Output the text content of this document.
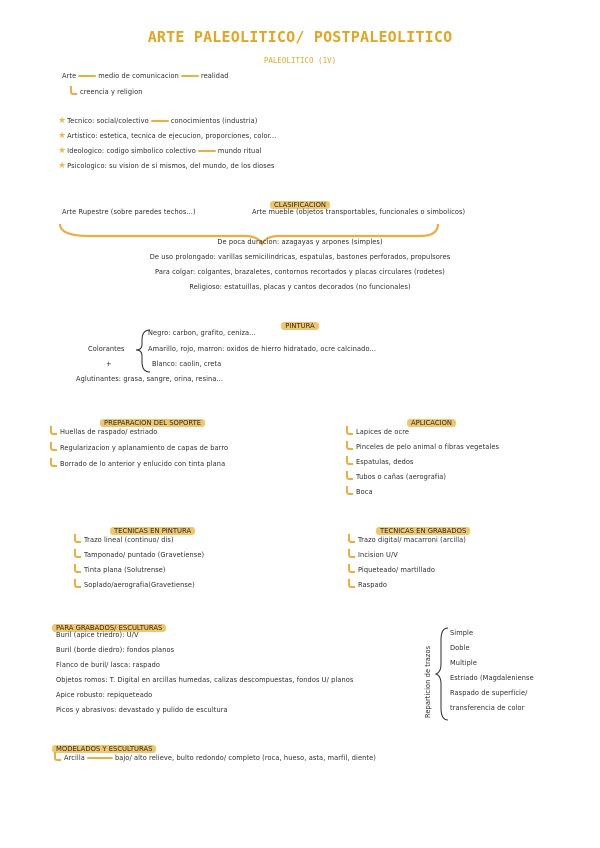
ARTE PALEOLITICO/ POSTPALEOLITICO
PALEOLITICO (1V)
Arte	medio de comunicacion	realidad
creencia y religion
★Tecnico: social/colectivo	conocimientos (industria)
★Artistico: estetica, tecnica de ejecucion, proporciones, color...
★Ideologico: codigo simbolico colectivo	mundo ritual
★Psicologico: su vision de si mismos, del mundo, de los dioses
CLASIFICACION
Arte Rupestre (sobre paredes techos...)	Arte mueble (objetos transportables, funcionales o simbolicos)
De poca duracion: azagayas y arpones (simples)
De uso prolongado: varillas semicilindricas, espatulas, bastones perforados, propulsores
Para colgar: colgantes, brazaletes, contornos recortados y placas circulares (rodetes)
Religioso: estatuillas, placas y cantos decorados (no funcionales)
PINTURA
Colorantes
+
Negro: carbon, grafito, ceniza...
Amarillo, rojo, marron: oxidos de hierro hidratado, ocre calcinado...
Blanco: caolin, creta
Aglutinantes: grasa, sangre, orina, resina...
PREPARACION DEL SOPORTE
Huellas de raspado/ estriado
Regularizacion y aplanamiento de capas de barro
Borrado de lo anterior y enlucido con tinta plana
APLICACION
Lapices de ocre
Pinceles de pelo animal o fibras vegetales
Espatulas, dedos
Tubos o cañas (aerografia)
Boca
TECNICAS EN PINTURA
Trazo lineal (continuo/ dis)
Tamponado/ puntado (Gravetiense)
Tinta plana (Solutrense)
Soplado/aerografia(Gravetiense)
TECNICAS EN GRABADOS
Trazo digital/ macarroni (arcilla)
Incision U/V
Piqueteado/ martillado
Raspado
PARA GRABADOS/ ESCULTURAS
Buril (apice triedro): U/V
Buril (borde diedro): fondos planos
Flanco de buril/ lasca: raspado
Objetos romos: T. Digital en arcillas humedas, calizas descompuestas, fondos U/ planos
Apice robusto: repiqueteado
Picos y abrasivos: devastado y pulido de escultura	Reparticion de trazos
Simple
Doble
Multiple
Estriado (Magdaleniense
Raspado de superficie/
transferencia de color
MODELADOS Y ESCULTURAS
Arcilla	bajo/ alto relieve, bulto redondo/ completo (roca, hueso, asta, marfil, diente)
